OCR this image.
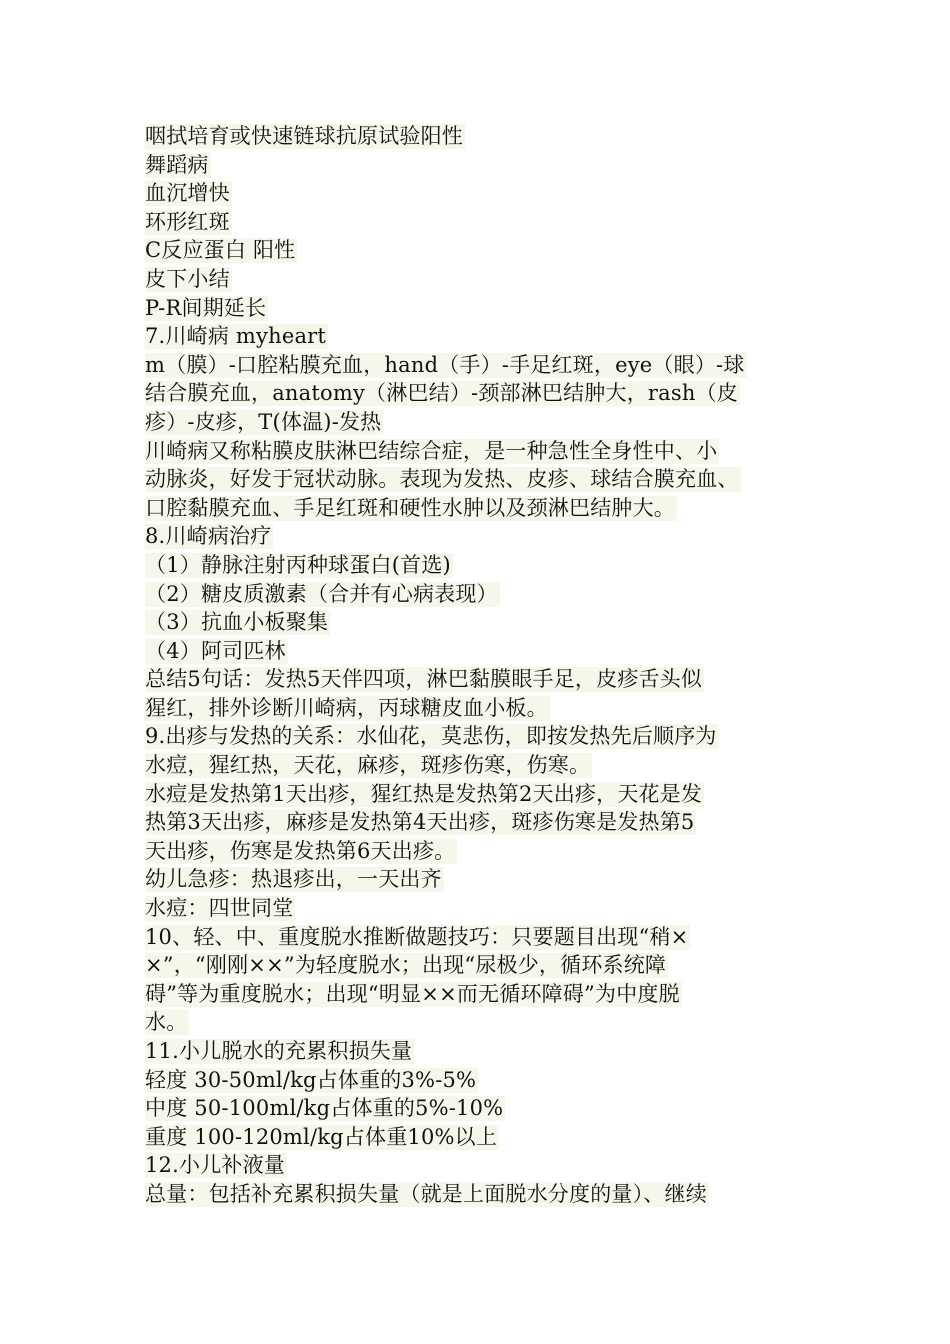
咽拭培育或快速链球抗原试验阳性
舞蹈病
血沉增快
环形红斑
C反应蛋白 阳性
皮下小结
P-R间期延长
7.川崎病 myheart
m（膜）-口腔粘膜充血，hand（手）-手足红斑，eye（眼）-球
结合膜充血，anatomy（淋巴结）-颈部淋巴结肿大，rash（皮
疹）-皮疹，T(体温)-发热
川崎病又称粘膜皮肤淋巴结综合症，是一种急性全身性中、小
动脉炎，好发于冠状动脉。表现为发热、皮疹、球结合膜充血、
口腔黏膜充血、手足红斑和硬性水肿以及颈淋巴结肿大。
8.川崎病治疗
（1）静脉注射丙种球蛋白(首选)
（2）糖皮质激素（合并有心病表现）
（3）抗血小板聚集
（4）阿司匹林
总结5句话：发热5天伴四项，淋巴黏膜眼手足，皮疹舌头似
猩红，排外诊断川崎病，丙球糖皮血小板。
9.出疹与发热的关系：水仙花，莫悲伤，即按发热先后顺序为
水痘，猩红热，天花，麻疹，斑疹伤寒，伤寒。
水痘是发热第1天出疹，猩红热是发热第2天出疹，天花是发
热第3天出疹，麻疹是发热第4天出疹，斑疹伤寒是发热第5
天出疹，伤寒是发热第6天出疹。
幼儿急疹：热退疹出，一天出齐
水痘：四世同堂
10、轻、中、重度脱水推断做题技巧：只要题目出现“稍×
×”，“刚刚××”为轻度脱水；出现“尿极少，循环系统障
碍”等为重度脱水；出现“明显××而无循环障碍”为中度脱
水。
11.小儿脱水的充累积损失量
轻度 30-50ml/kg占体重的3%-5%
中度 50-100ml/kg占体重的5%-10%
重度 100-120ml/kg占体重10%以上
12.小儿补液量
总量：包括补充累积损失量（就是上面脱水分度的量）、继续
